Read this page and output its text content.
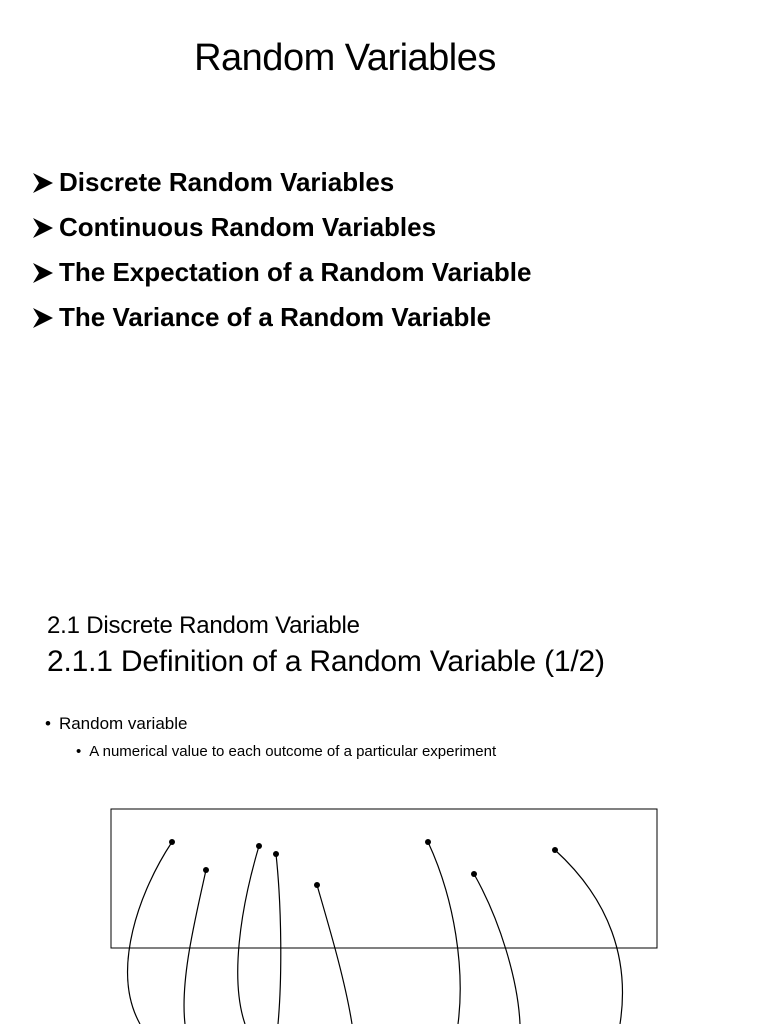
Random Variables
Discrete Random Variables
Continuous Random Variables
The Expectation of a Random Variable
The Variance of a Random Variable
2.1 Discrete Random Variable
2.1.1 Definition of a Random Variable (1/2)
• Random variable
• A numerical value to each outcome of a particular experiment
